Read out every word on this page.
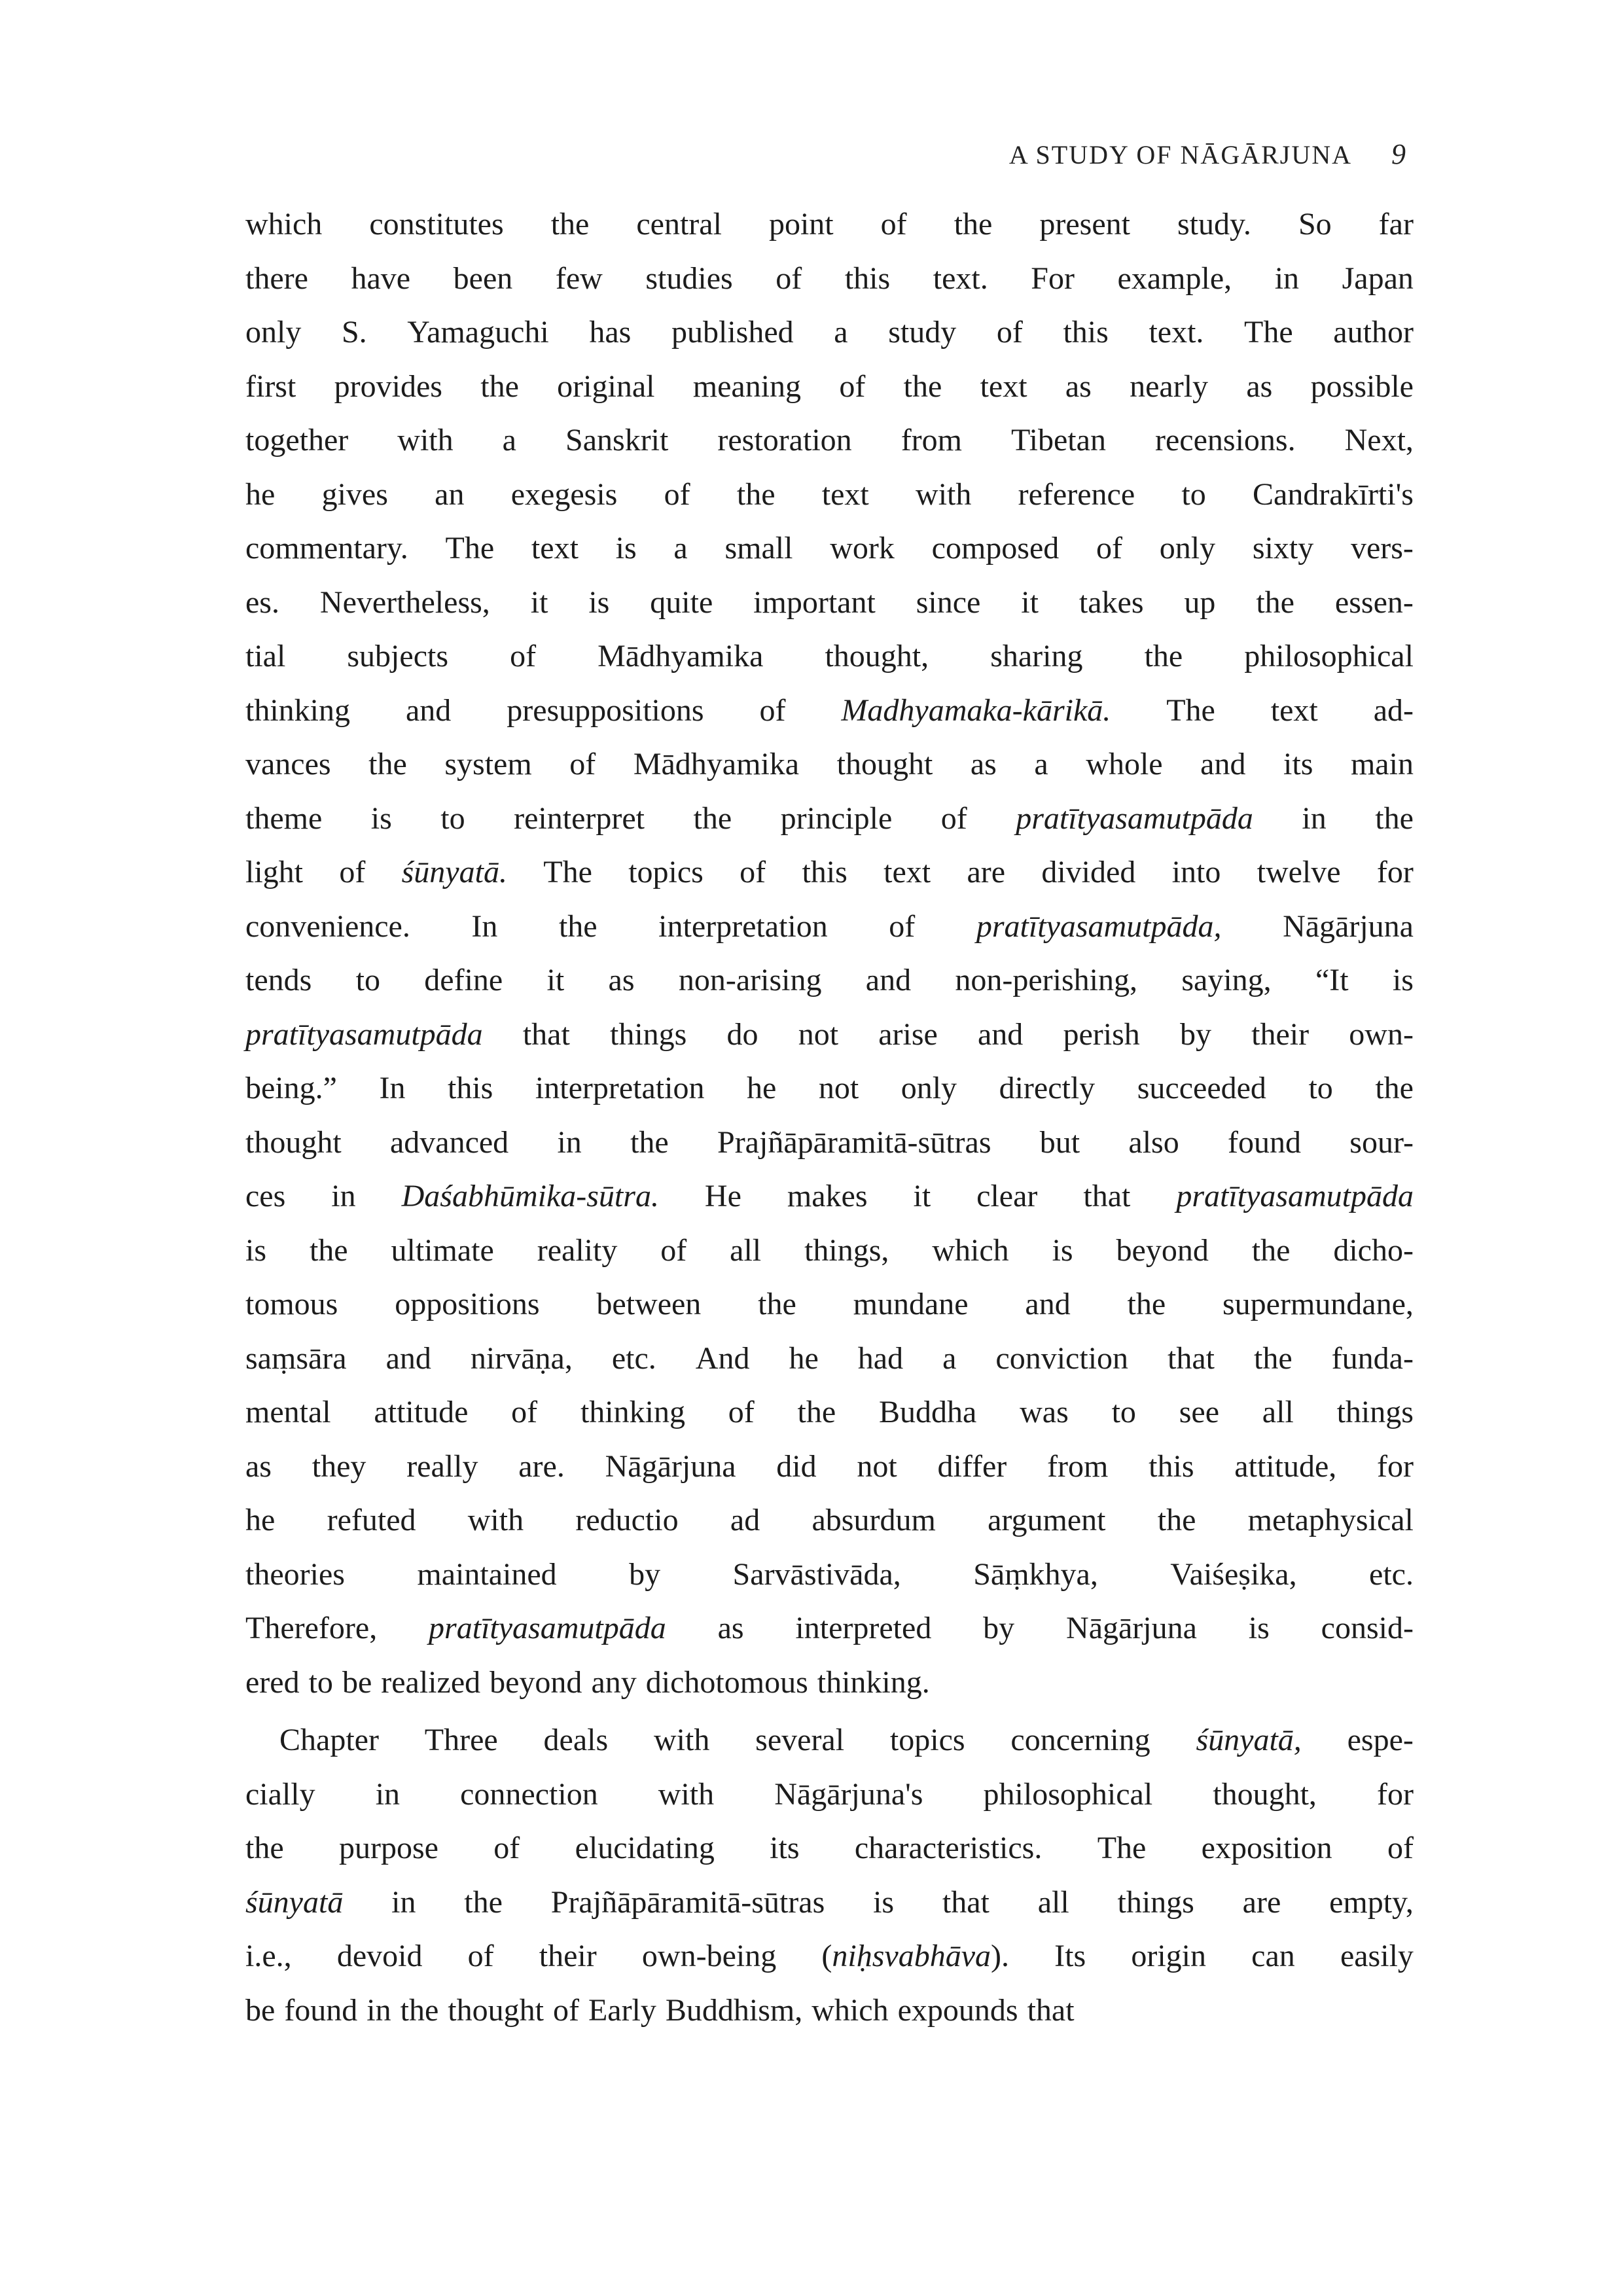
A STUDY OF NĀGĀRJUNA 9
which constitutes the central point of the present study. So far
there have been few studies of this text. For example, in Japan
only S. Yamaguchi has published a study of this text. The author
first provides the original meaning of the text as nearly as possible
together with a Sanskrit restoration from Tibetan recensions. Next,
he gives an exegesis of the text with reference to Candrakīrti's
commentary. The text is a small work composed of only sixty vers-
es. Nevertheless, it is quite important since it takes up the essen-
tial subjects of Mādhyamika thought, sharing the philosophical
thinking and presuppositions of Madhyamaka-kārikā. The text ad-
vances the system of Mādhyamika thought as a whole and its main
theme is to reinterpret the principle of pratītyasamutpāda in the
light of śūnyatā. The topics of this text are divided into twelve for
convenience. In the interpretation of pratītyasamutpāda, Nāgārjuna
tends to define it as non-arising and non-perishing, saying, “It is
pratītyasamutpāda that things do not arise and perish by their own-
being.” In this interpretation he not only directly succeeded to the
thought advanced in the Prajñāpāramitā-sūtras but also found sour-
ces in Daśabhūmika-sūtra. He makes it clear that pratītyasamutpāda
is the ultimate reality of all things, which is beyond the dicho-
tomous oppositions between the mundane and the supermundane,
saṃsāra and nirvāṇa, etc. And he had a conviction that the funda-
mental attitude of thinking of the Buddha was to see all things
as they really are. Nāgārjuna did not differ from this attitude, for
he refuted with reductio ad absurdum argument the metaphysical
theories maintained by Sarvāstivāda, Sāṃkhya, Vaiśeṣika, etc.
Therefore, pratītyasamutpāda as interpreted by Nāgārjuna is consid-
ered to be realized beyond any dichotomous thinking.
Chapter Three deals with several topics concerning śūnyatā, espe-
cially in connection with Nāgārjuna's philosophical thought, for
the purpose of elucidating its characteristics. The exposition of
śūnyatā in the Prajñāpāramitā-sūtras is that all things are empty,
i.e., devoid of their own-being (niḥsvabhāva). Its origin can easily
be found in the thought of Early Buddhism, which expounds that
